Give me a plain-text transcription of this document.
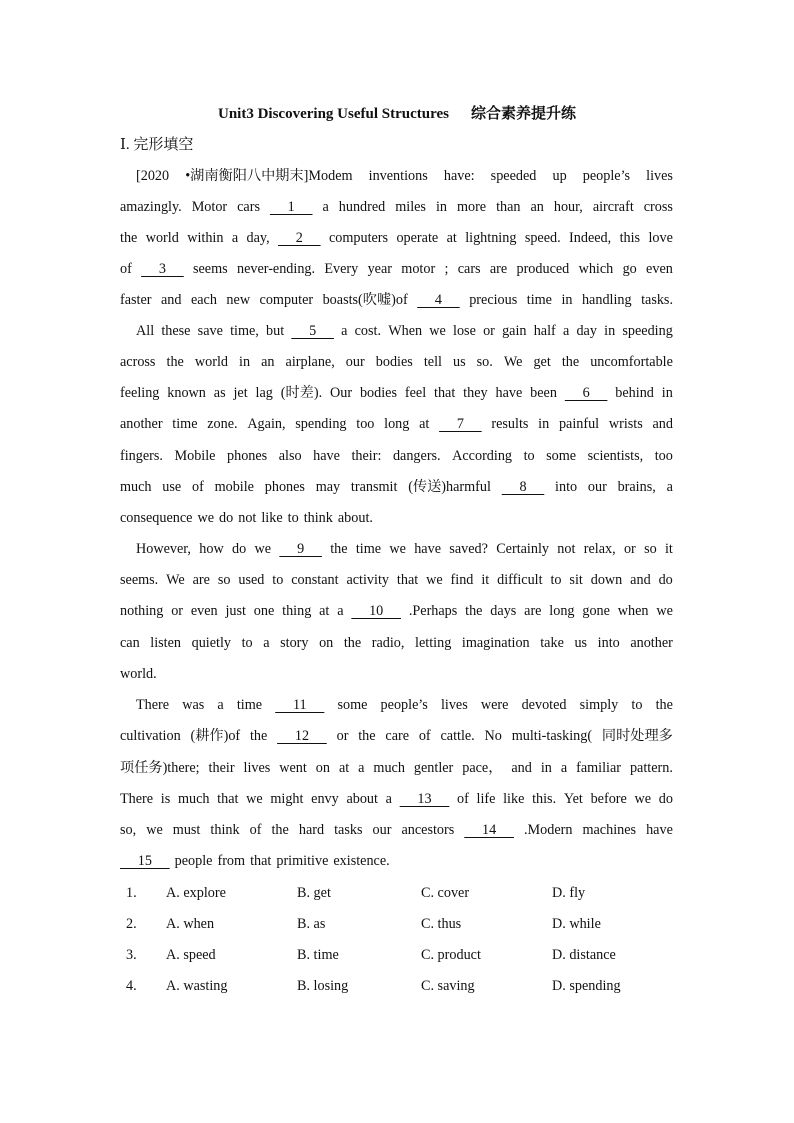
Unit3 Discovering Useful Structures 综合素养提升练
Ⅰ. 完形填空
[2020 •湖南衡阳八中期末]Modem inventions have: speeded up people’s lives
amazingly. Motor cars 1 a hundred miles in more than an hour, aircraft cross
the world within a day, 2 computers operate at lightning speed. Indeed, this love
of 3 seems never-ending. Every year motor ; cars are produced which go even
faster and each new computer boasts(吹嘘)of 4 precious time in handling tasks.
All these save time, but 5 a cost. When we lose or gain half a day in speeding
across the world in an airplane, our bodies tell us so. We get the uncomfortable
feeling known as jet lag (时差). Our bodies feel that they have been 6 behind in
another time zone. Again, spending too long at 7 results in painful wrists and
fingers. Mobile phones also have their: dangers. According to some scientists, too
much use of mobile phones may transmit (传送)harmful 8 into our brains, a
consequence we do not like to think about.
However, how do we 9 the time we have saved? Certainly not relax, or so it
seems. We are so used to constant activity that we find it difficult to sit down and do
nothing or even just one thing at a 10 .Perhaps the days are long gone when we
can listen quietly to a story on the radio, letting imagination take us into another
world.
There was a time 11 some people’s lives were devoted simply to the
cultivation (耕作)of the 12 or the care of cattle. No multi-tasking( 同时处理多
项任务)there; their lives went on at a much gentler pace， and in a familiar pattern.
There is much that we might envy about a 13 of life like this. Yet before we do
so, we must think of the hard tasks our ancestors 14 .Modern machines have
15 people from that primitive existence.
1. A. explore	B. get	C. cover	D. fly
2. A. when	B. as	C. thus	D. while
3. A. speed	B. time	C. product	D. distance
4. A. wasting	B. losing	C. saving	D. spending
